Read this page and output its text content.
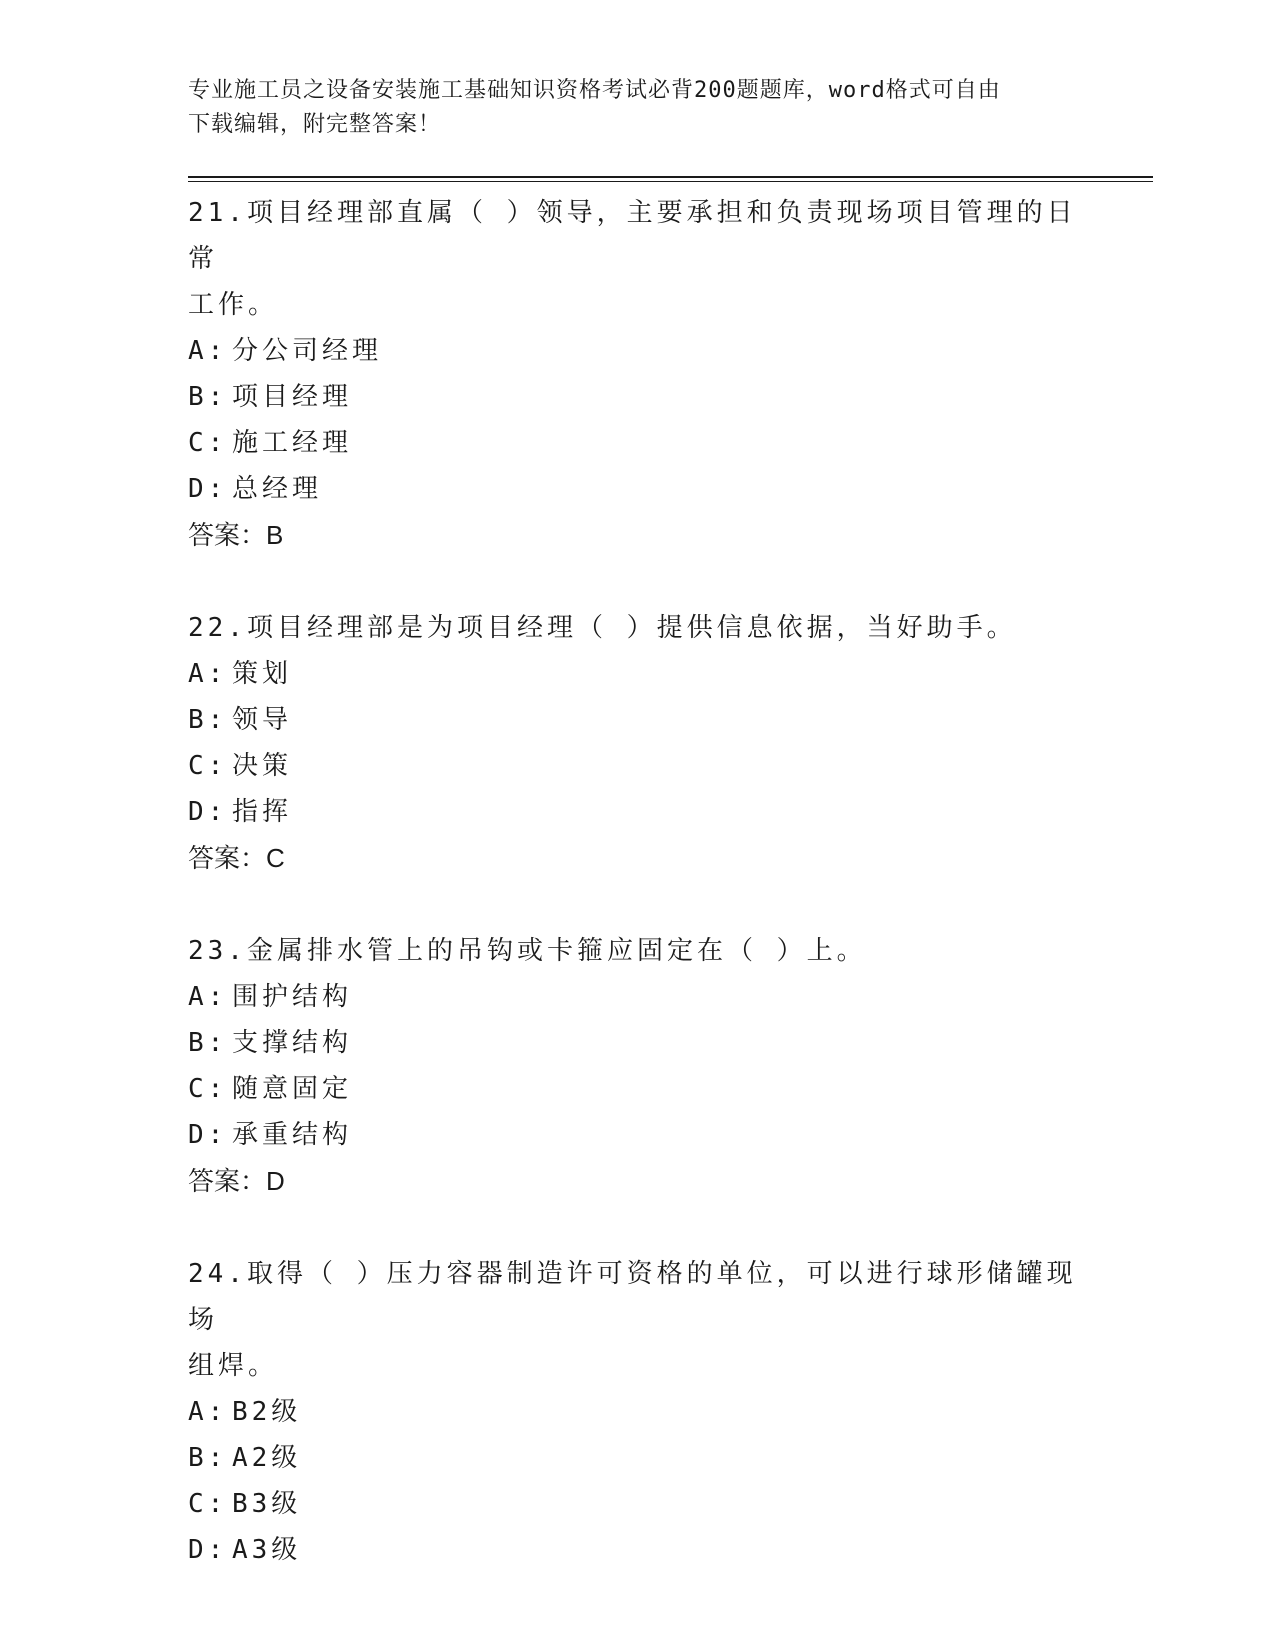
专业施工员之设备安装施工基础知识资格考试必背200题题库，word格式可自由
下载编辑，附完整答案！
21.项目经理部直属（ ）领导，主要承担和负责现场项目管理的日常
工作。
A: 分公司经理
B: 项目经理
C: 施工经理
D: 总经理
答案：B
22.项目经理部是为项目经理（ ）提供信息依据，当好助手。
A: 策划
B: 领导
C: 决策
D: 指挥
答案：C
23.金属排水管上的吊钩或卡箍应固定在（ ）上。
A: 围护结构
B: 支撑结构
C: 随意固定
D: 承重结构
答案：D
24.取得（ ）压力容器制造许可资格的单位，可以进行球形储罐现场
组焊。
A: B2级
B: A2级
C: B3级
D: A3级
